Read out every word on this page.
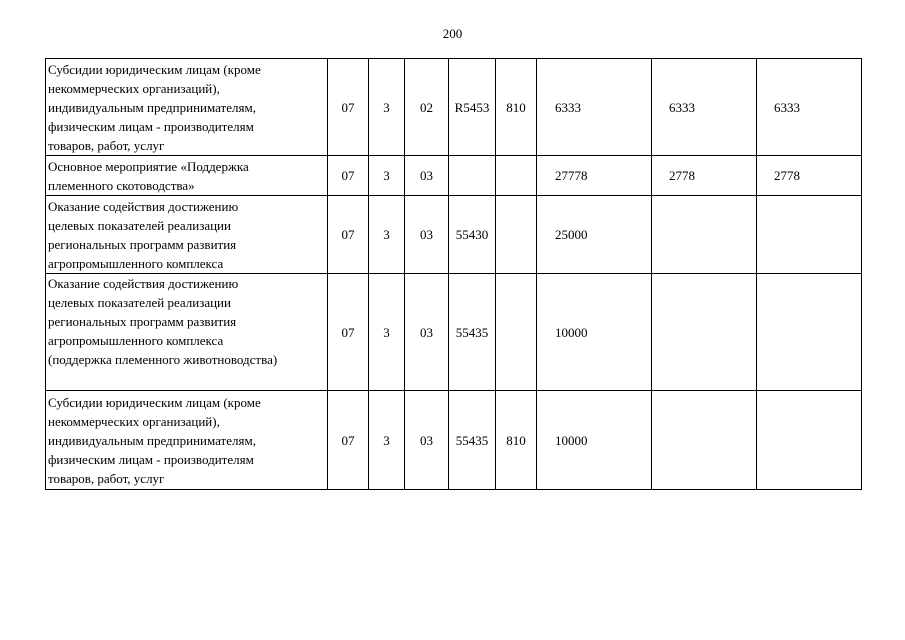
200
Субсидии юридическим лицам (кроме
некоммерческих организаций),
индивидуальным предпринимателям,
физическим лицам - производителям
товаров, работ, услуг	07	3	02	R5453	810	6333	6333	6333

Основное мероприятие «Поддержка
племенного скотоводства»	07	3	03			27778	2778	2778

Оказание содействия достижению
целевых показателей реализации
региональных программ развития
агропромышленного комплекса	07	3	03	55430		25000		

Оказание содействия достижению
целевых показателей реализации
региональных программ развития
агропромышленного комплекса
(поддержка племенного животноводства)	07	3	03	55435		10000		

Субсидии юридическим лицам (кроме
некоммерческих организаций),
индивидуальным предпринимателям,
физическим лицам - производителям
товаров, работ, услуг	07	3	03	55435	810	10000		
